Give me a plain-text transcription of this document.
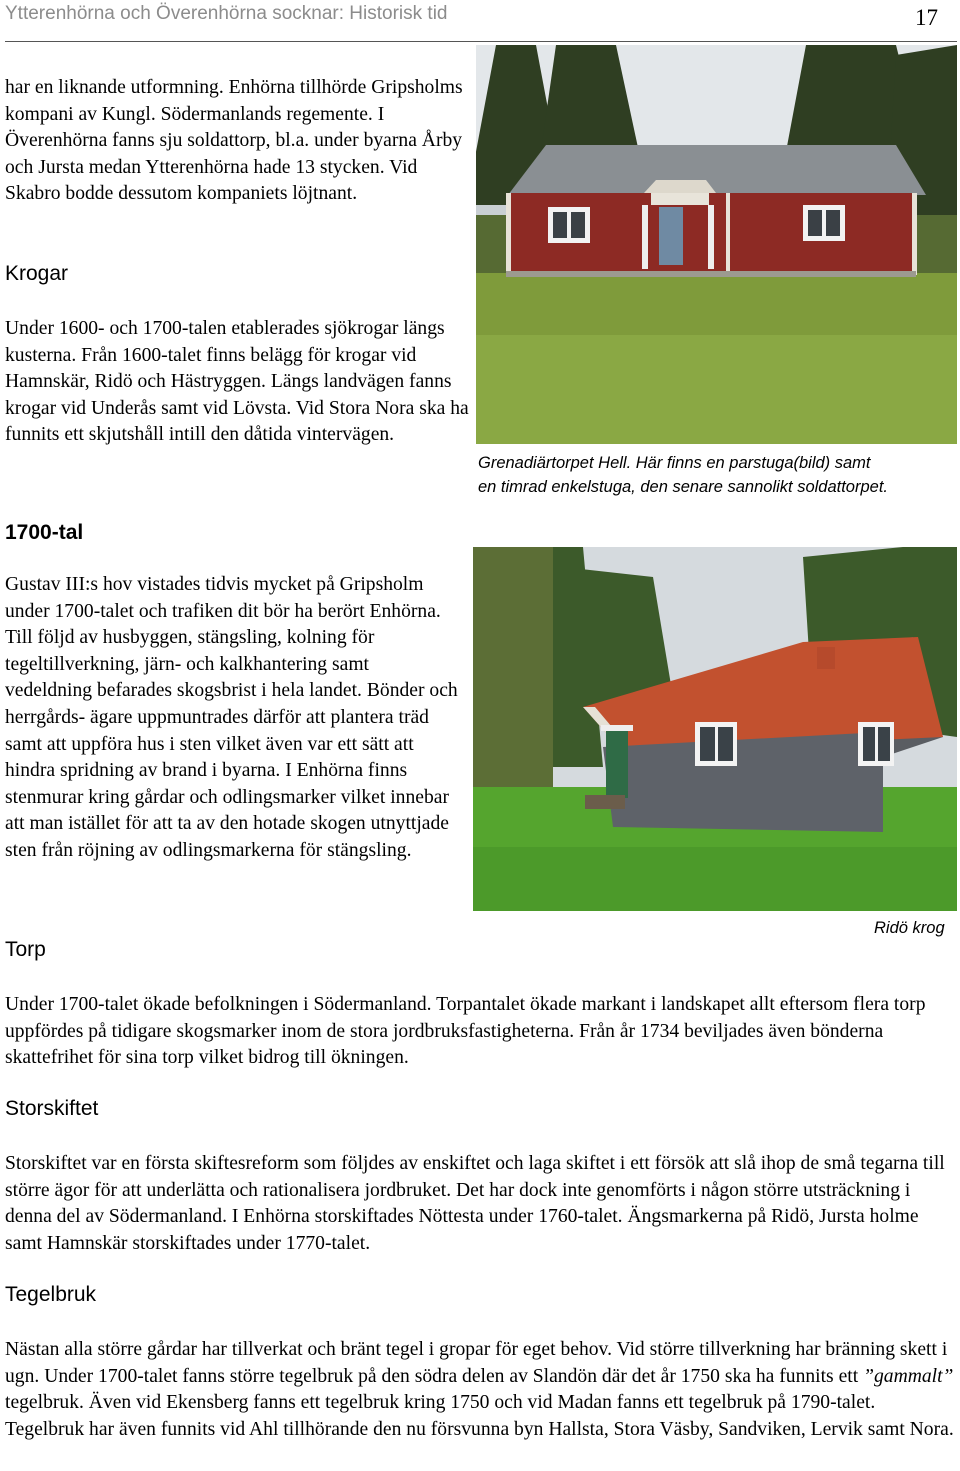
Ytterenhörna och Överenhörna socknar: Historisk tid	17

har en liknande utformning. Enhörna tillhörde Gripsholms kompani av Kungl. Södermanlands regemente. I Överenhörna fanns sju soldattorp, bl.a. under byarna Årby och Jursta medan Ytterenhörna hade 13 stycken. Vid Skabro bodde dessutom kompaniets löjtnant.

Krogar

Under 1600- och 1700-talen etablerades sjökrogar längs kusterna. Från 1600-talet finns belägg för krogar vid Hamnskär, Ridö och Hästryggen. Längs landvägen fanns krogar vid Underås samt vid Lövsta. Vid Stora Nora ska ha funnits ett skjutshåll intill den dåtida vintervägen.

Grenadiärtorpet Hell. Här finns en parstuga(bild) samt
en timrad enkelstuga, den senare sannolikt soldattorpet.
1700-tal

Gustav III:s hov vistades tidvis mycket på Gripsholm under 1700-talet och trafiken dit bör ha berört Enhörna. Till följd av husbyggen, stängsling, kolning för tegeltillverkning, järn- och kalkhantering samt vedeldning befarades skogsbrist i hela landet. Bönder och herrgårds- ägare uppmuntrades därför att plantera träd samt att uppföra hus i sten vilket även var ett sätt att hindra spridning av brand i byarna. I Enhörna finns stenmurar kring gårdar och odlingsmarker vilket innebar att man istället för att ta av den hotade skogen utnyttjade sten från röjning av odlingsmarkerna för stängsling.

Ridö krog
Torp

Under 1700-talet ökade befolkningen i Södermanland. Torpantalet ökade markant i landskapet allt eftersom flera torp uppfördes på tidigare skogsmarker inom de stora jordbruksfastigheterna. Från år 1734 beviljades även bönderna skattefrihet för sina torp vilket bidrog till ökningen.

Storskiftet

Storskiftet var en första skiftesreform som följdes av enskiftet och laga skiftet i ett försök att slå ihop de små tegarna till större ägor för att underlätta och rationalisera jordbruket. Det har dock inte genomförts i någon större utsträckning i denna del av Södermanland. I Enhörna storskiftades Nöttesta under 1760-talet. Ängsmarkerna på Ridö, Jursta holme samt Hamnskär storskiftades under 1770-talet.

Tegelbruk

Nästan alla större gårdar har tillverkat och bränt tegel i gropar för eget behov. Vid större tillverkning har bränning skett i ugn. Under 1700-talet fanns större tegelbruk på den södra delen av Slandön där det år 1750 ska ha funnits ett ”gammalt” tegelbruk. Även vid Ekensberg fanns ett tegelbruk kring 1750 och vid Madan fanns ett tegelbruk på 1790-talet. Tegelbruk har även funnits vid Ahl tillhörande den nu försvunna byn Hallsta, Stora Väsby, Sandviken, Lervik samt Nora.
